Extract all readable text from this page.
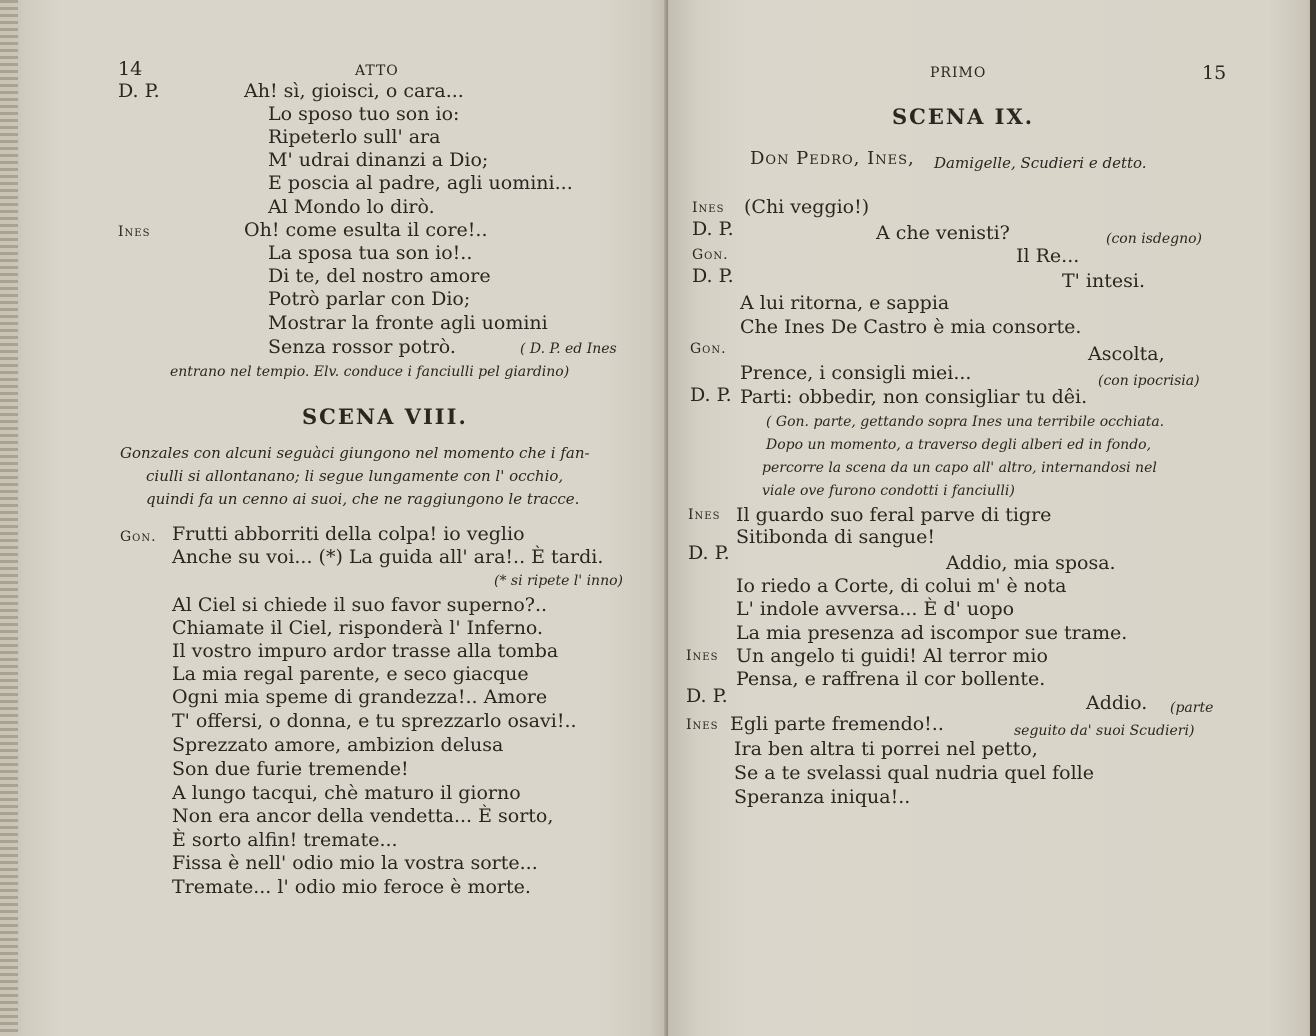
14	ATTO
D. P.	Ah! sì, gioisci, o cara...
Lo sposo tuo son io:
Ripeterlo sull' ara
M' udrai dinanzi a Dio;
E poscia al padre, agli uomini...
Al Mondo lo dirò.
Ines	Oh! come esulta il core!..
La sposa tua son io!..
Di te, del nostro amore
Potrò parlar con Dio;
Mostrar la fronte agli uomini
Senza rossor potrò.	( D. P. ed Ines
entrano nel tempio. Elv. conduce i fanciulli pel giardino)
SCENA VIII.
Gonzales con alcuni seguàci giungono nel momento che i fan-
ciulli si allontanano; li segue lungamente con l' occhio,
quindi fa un cenno ai suoi, che ne raggiungono le tracce.
Gon. Frutti abborriti della colpa! io veglio
Anche su voi... (*) La guida all' ara!.. È tardi.
(* si ripete l' inno)
Al Ciel si chiede il suo favor superno?..
Chiamate il Ciel, risponderà l' Inferno.
Il vostro impuro ardor trasse alla tomba
La mia regal parente, e seco giacque
Ogni mia speme di grandezza!.. Amore
T' offersi, o donna, e tu sprezzarlo osavi!..
Sprezzato amore, ambizion delusa
Son due furie tremende!
A lungo tacqui, chè maturo il giorno
Non era ancor della vendetta... È sorto,
È sorto alfin! tremate...
Fissa è nell' odio mio la vostra sorte...
Tremate... l' odio mio feroce è morte.
PRIMO	15
SCENA IX.
Don Pedro, Ines, Damigelle, Scudieri e detto.
Ines (Chi veggio!)
D. P.	A che venisti?	(con isdegno)
Gon.	Il Re...
D. P.	T' intesi.
A lui ritorna, e sappia
Che Ines De Castro è mia consorte.
Gon.	Ascolta,
Prence, i consigli miei...	(con ipocrisia)
D. P. Parti: obbedir, non consigliar tu dêi.
( Gon. parte, gettando sopra Ines una terribile occhiata.
Dopo un momento, a traverso degli alberi ed in fondo,
percorre la scena da un capo all' altro, internandosi nel
viale ove furono condotti i fanciulli)
Ines Il guardo suo feral parve di tigre
Sitibonda di sangue!
D. P.	Addio, mia sposa.
Io riedo a Corte, di colui m' è nota
L' indole avversa... È d' uopo
La mia presenza ad iscompor sue trame.
Ines Un angelo ti guidi! Al terror mio
Pensa, e raffrena il cor bollente.
D. P.	Addio. (parte
Ines Egli parte fremendo!..	seguito da' suoi Scudieri)
Ira ben altra ti porrei nel petto,
Se a te svelassi qual nudria quel folle
Speranza iniqua!..
